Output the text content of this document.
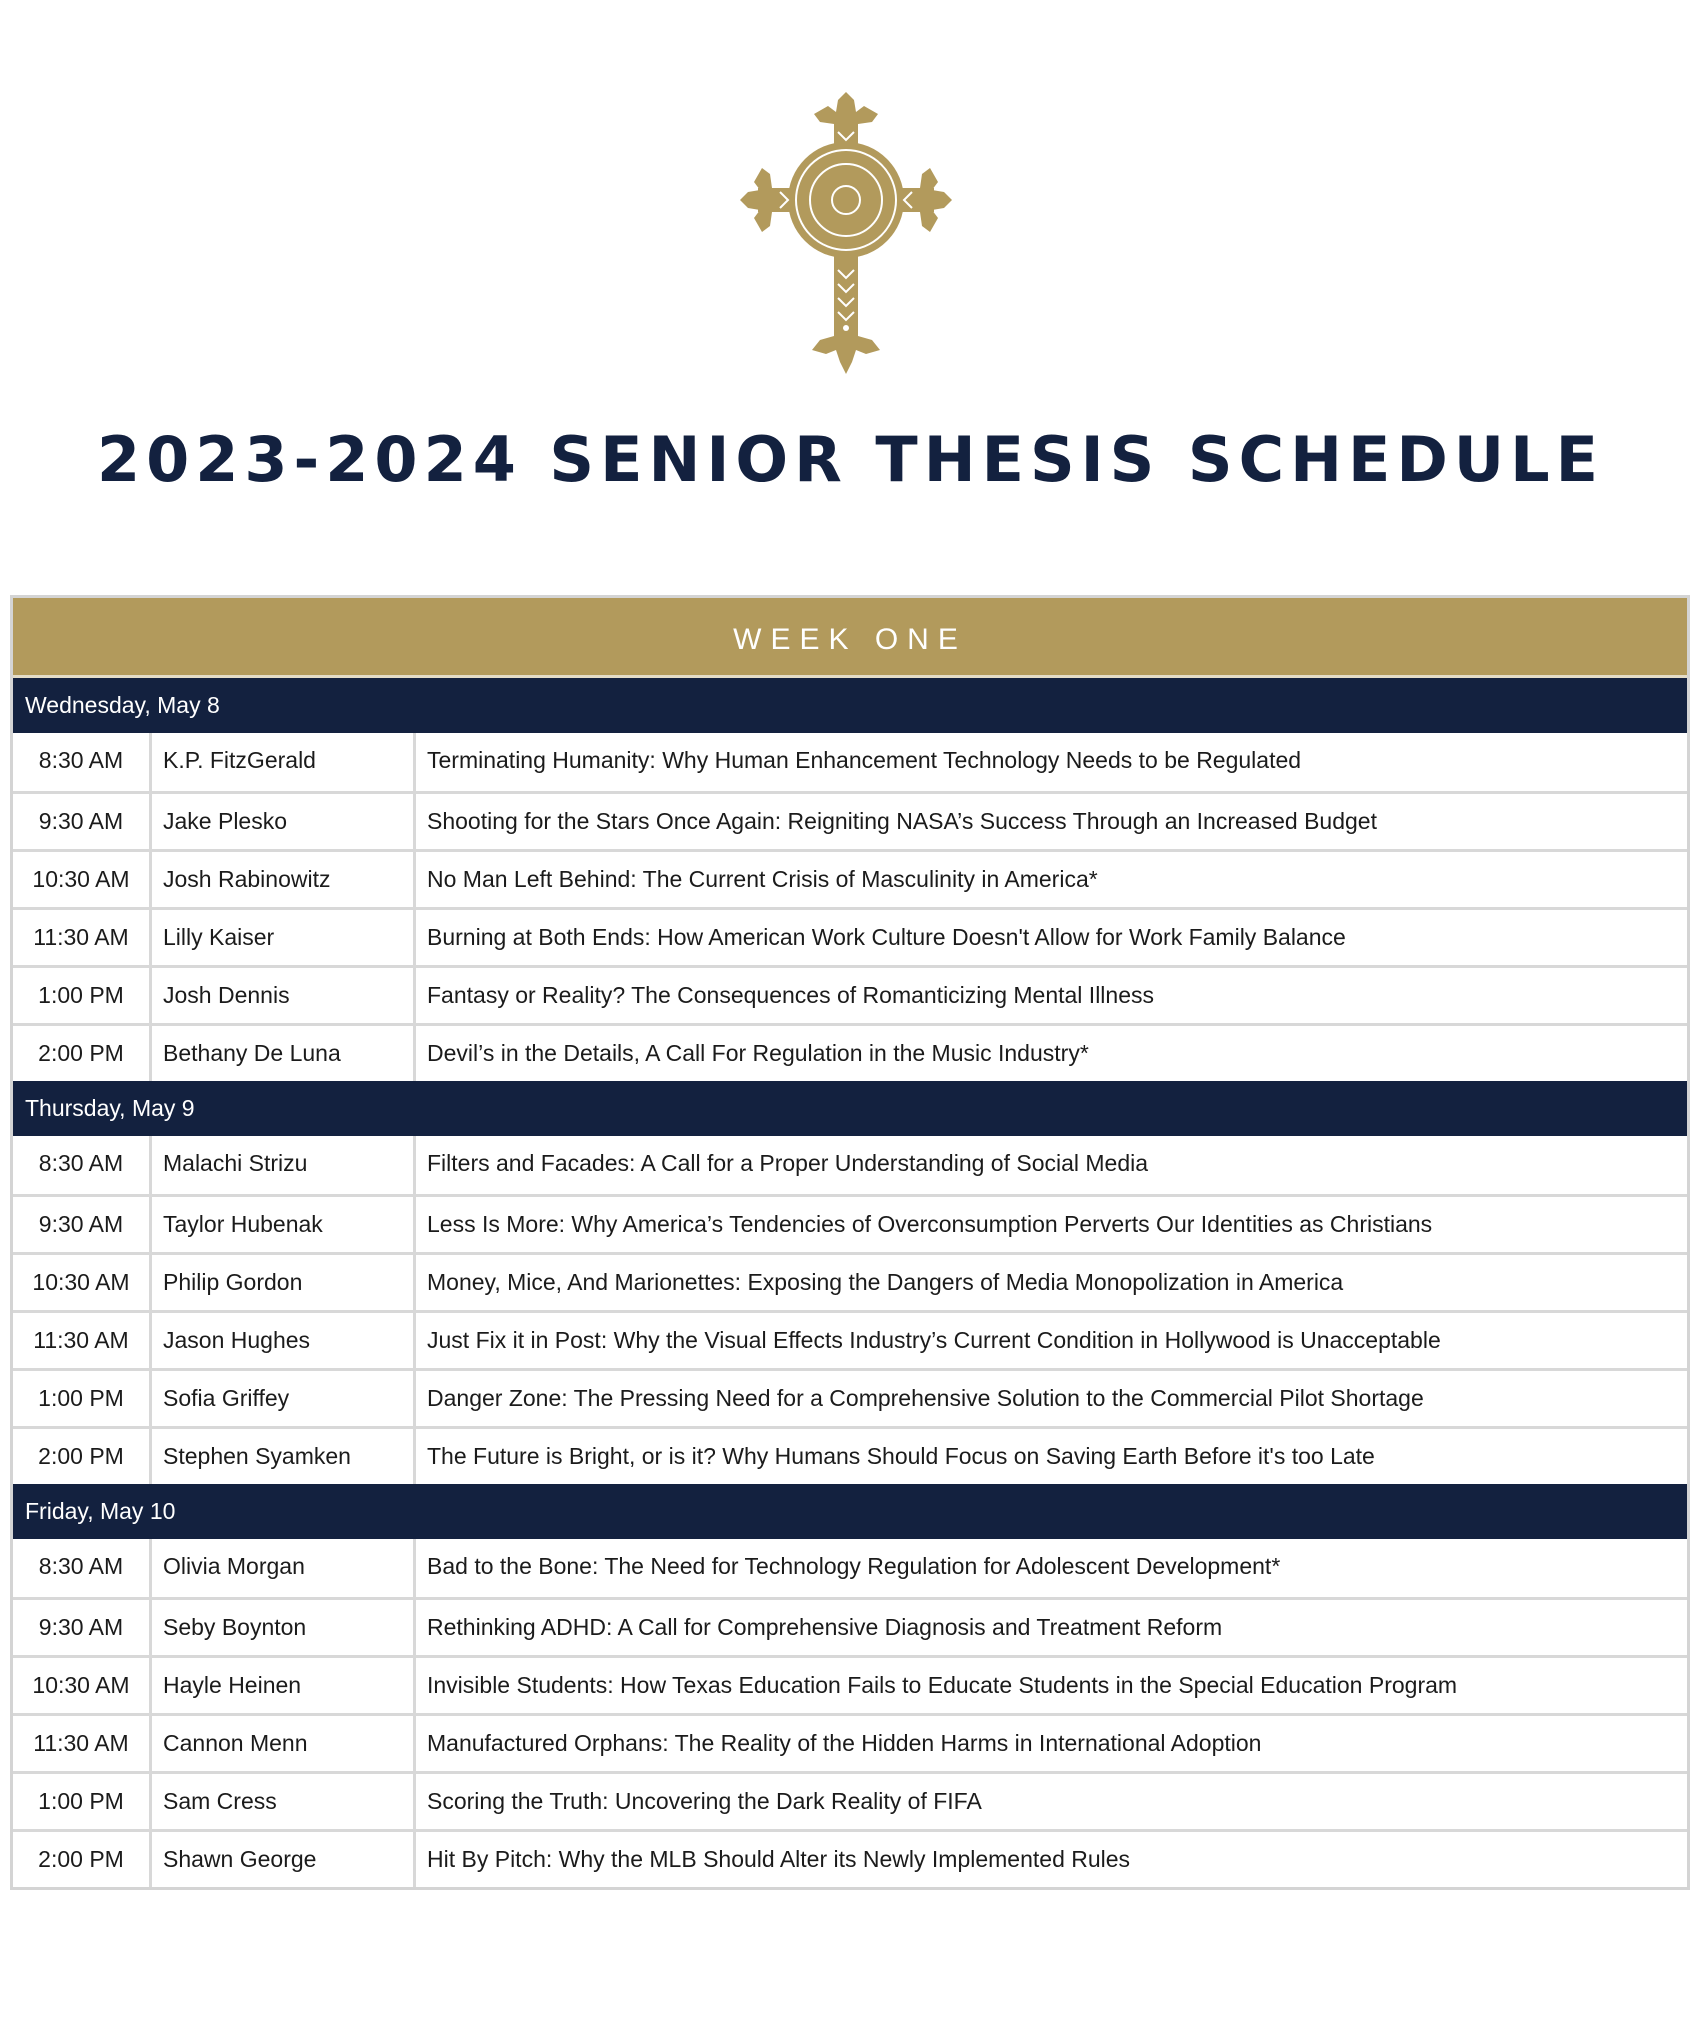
2023-2024 SENIOR THESIS SCHEDULE
WEEK ONE
Wednesday, May 8
8:30 AM	K.P. FitzGerald	Terminating Humanity: Why Human Enhancement Technology Needs to be Regulated
9:30 AM	Jake Plesko	Shooting for the Stars Once Again: Reigniting NASA’s Success Through an Increased Budget
10:30 AM	Josh Rabinowitz	No Man Left Behind: The Current Crisis of Masculinity in America*
11:30 AM	Lilly Kaiser	Burning at Both Ends: How American Work Culture Doesn't Allow for Work Family Balance
1:00 PM	Josh Dennis	Fantasy or Reality? The Consequences of Romanticizing Mental Illness
2:00 PM	Bethany De Luna	Devil’s in the Details, A Call For Regulation in the Music Industry*
Thursday, May 9
8:30 AM	Malachi Strizu	Filters and Facades: A Call for a Proper Understanding of Social Media
9:30 AM	Taylor Hubenak	Less Is More: Why America’s Tendencies of Overconsumption Perverts Our Identities as Christians
10:30 AM	Philip Gordon	Money, Mice, And Marionettes: Exposing the Dangers of Media Monopolization in America
11:30 AM	Jason Hughes	Just Fix it in Post: Why the Visual Effects Industry’s Current Condition in Hollywood is Unacceptable
1:00 PM	Sofia Griffey	Danger Zone: The Pressing Need for a Comprehensive Solution to the Commercial Pilot Shortage
2:00 PM	Stephen Syamken	The Future is Bright, or is it? Why Humans Should Focus on Saving Earth Before it's too Late
Friday, May 10
8:30 AM	Olivia Morgan	Bad to the Bone: The Need for Technology Regulation for Adolescent Development*
9:30 AM	Seby Boynton	Rethinking ADHD: A Call for Comprehensive Diagnosis and Treatment Reform
10:30 AM	Hayle Heinen	Invisible Students: How Texas Education Fails to Educate Students in the Special Education Program
11:30 AM	Cannon Menn	Manufactured Orphans: The Reality of the Hidden Harms in International Adoption
1:00 PM	Sam Cress	Scoring the Truth: Uncovering the Dark Reality of FIFA
2:00 PM	Shawn George	Hit By Pitch: Why the MLB Should Alter its Newly Implemented Rules
